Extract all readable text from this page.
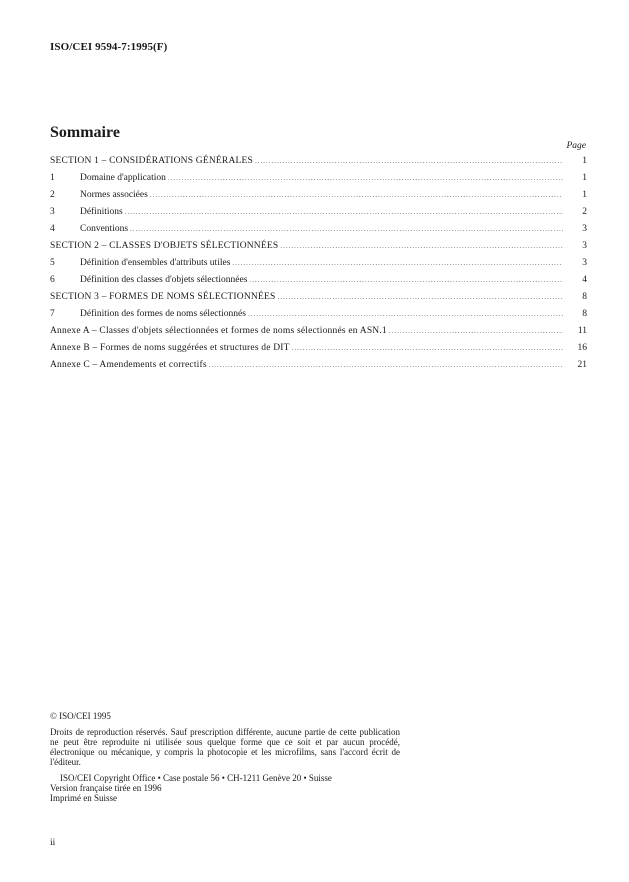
ISO/CEI 9594-7:1995(F)
Sommaire
Page
SECTION 1 – CONSIDÉRATIONS GÉNÉRALES .....	1
1	Domaine d'application .....	1
2	Normes associées .....	1
3	Définitions .....	2
4	Conventions .....	3
SECTION 2 – CLASSES D'OBJETS SÉLECTIONNÉES .....	3
5	Définition d'ensembles d'attributs utiles .....	3
6	Définition des classes d'objets sélectionnées .....	4
SECTION 3 – FORMES DE NOMS SÉLECTIONNÉES .....	8
7	Définition des formes de noms sélectionnés .....	8
Annexe A – Classes d'objets sélectionnées et formes de noms sélectionnés en ASN.1 .....	11
Annexe B – Formes de noms suggérées et structures de DIT .....	16
Annexe C – Amendements et correctifs .....	21
© ISO/CEI 1995
Droits de reproduction réservés. Sauf prescription différente, aucune partie de cette publication ne peut être reproduite ni utilisée sous quelque forme que ce soit et par aucun procédé, électronique ou mécanique, y compris la photocopie et les microfilms, sans l'accord écrit de l'éditeur.
ISO/CEI Copyright Office • Case postale 56 • CH-1211 Genève 20 • Suisse
Version française tirée en 1996
Imprimé en Suisse
ii
